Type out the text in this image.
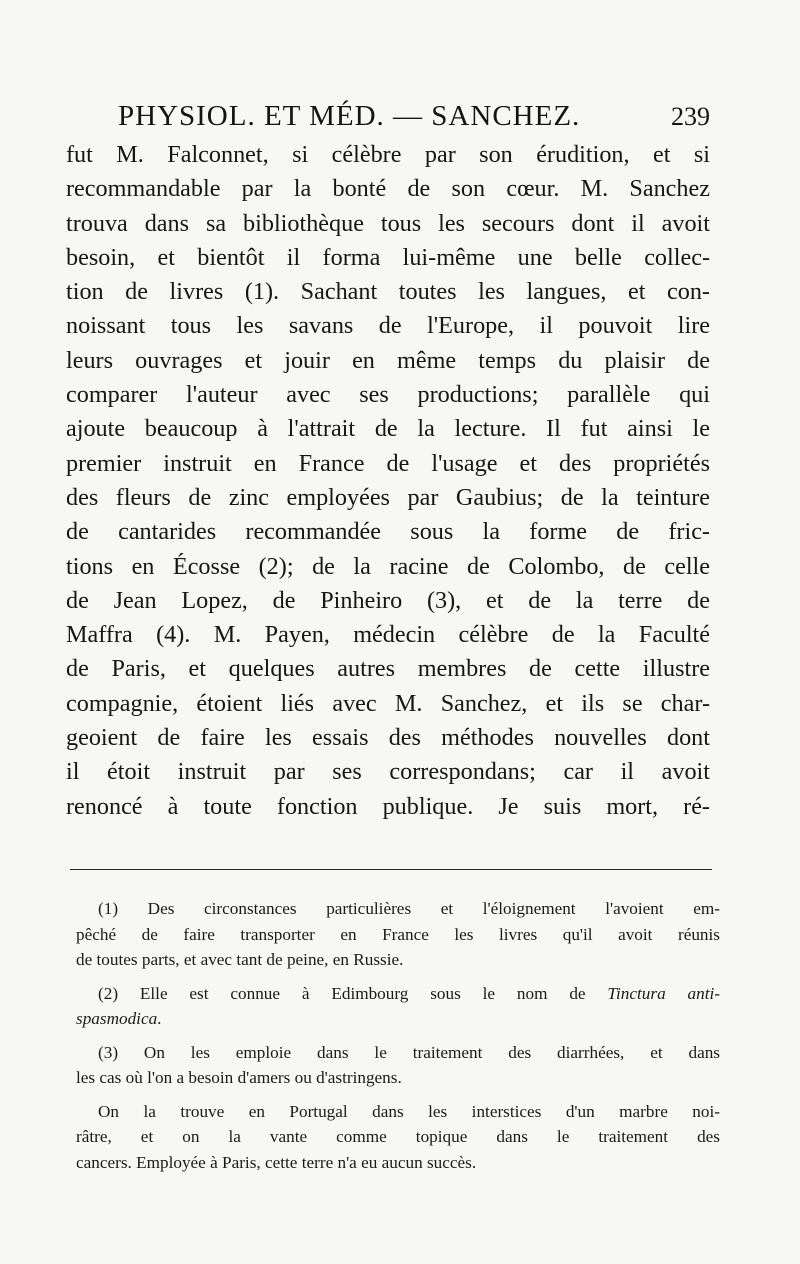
PHYSIOL. ET MÉD. — SANCHEZ.	239
fut M. Falconnet, si célèbre par son érudition, et si
recommandable par la bonté de son cœur. M. Sanchez
trouva dans sa bibliothèque tous les secours dont il avoit
besoin, et bientôt il forma lui-même une belle collec-
tion de livres (1). Sachant toutes les langues, et con-
noissant tous les savans de l'Europe, il pouvoit lire
leurs ouvrages et jouir en même temps du plaisir de
comparer l'auteur avec ses productions; parallèle qui
ajoute beaucoup à l'attrait de la lecture. Il fut ainsi le
premier instruit en France de l'usage et des propriétés
des fleurs de zinc employées par Gaubius; de la teinture
de cantarides recommandée sous la forme de fric-
tions en Écosse (2); de la racine de Colombo, de celle
de Jean Lopez, de Pinheiro (3), et de la terre de
Maffra (4). M. Payen, médecin célèbre de la Faculté
de Paris, et quelques autres membres de cette illustre
compagnie, étoient liés avec M. Sanchez, et ils se char-
geoient de faire les essais des méthodes nouvelles dont
il étoit instruit par ses correspondans; car il avoit
renoncé à toute fonction publique. Je suis mort, ré-
(1) Des circonstances particulières et l'éloignement l'avoient em-
pêché de faire transporter en France les livres qu'il avoit réunis
de toutes parts, et avec tant de peine, en Russie.
(2) Elle est connue à Edimbourg sous le nom de Tinctura anti-
spasmodica.
(3) On les emploie dans le traitement des diarrhées, et dans
les cas où l'on a besoin d'amers ou d'astringens.
On la trouve en Portugal dans les interstices d'un marbre noi-
râtre, et on la vante comme topique dans le traitement des
cancers. Employée à Paris, cette terre n'a eu aucun succès.
